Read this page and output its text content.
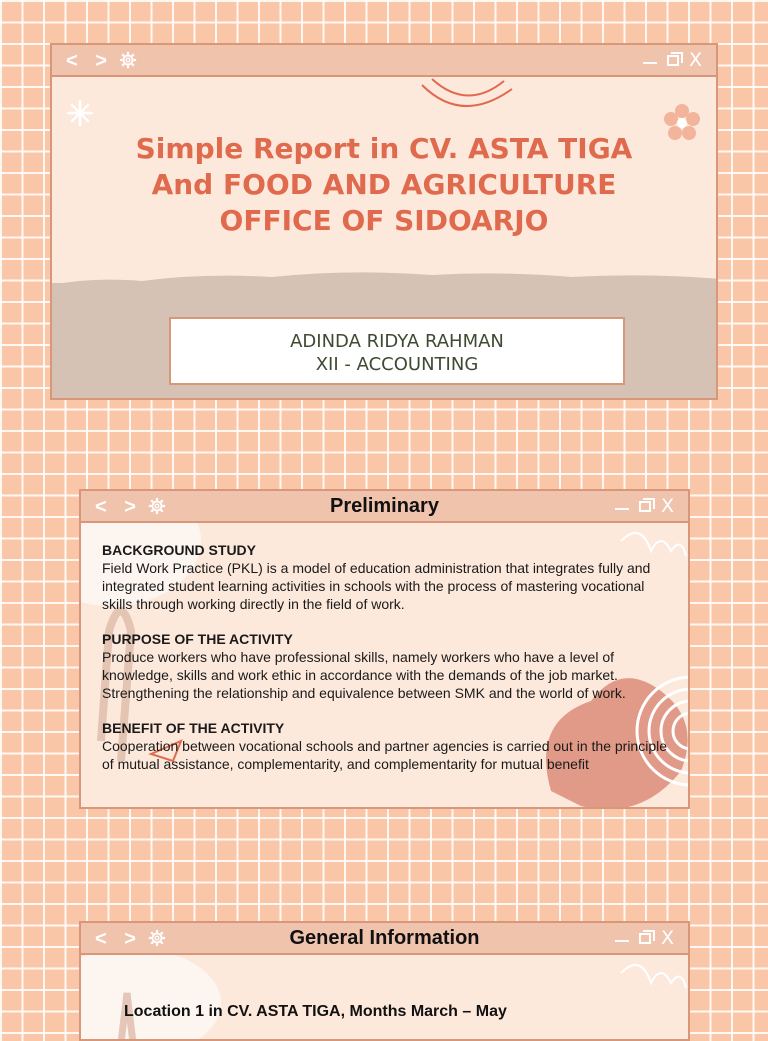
< >	X
Simple Report in CV. ASTA TIGA And FOOD AND AGRICULTURE OFFICE OF SIDOARJO
ADINDA RIDYA RAHMAN
XII - ACCOUNTING
< >	Preliminary	X
BACKGROUND STUDY

Field Work Practice (PKL) is a model of education administration that integrates fully and integrated student learning activities in schools with the process of mastering vocational skills through working directly in the field of work.

PURPOSE OF THE ACTIVITY

Produce workers who have professional skills, namely workers who have a level of knowledge, skills and work ethic in accordance with the demands of the job market. Strengthening the relationship and equivalence between SMK and the world of work.

BENEFIT OF THE ACTIVITY

Cooperation between vocational schools and partner agencies is carried out in the principle of mutual assistance, complementarity, and complementarity for mutual benefit

< >	General Information	X
Location 1 in CV. ASTA TIGA, Months March – May
